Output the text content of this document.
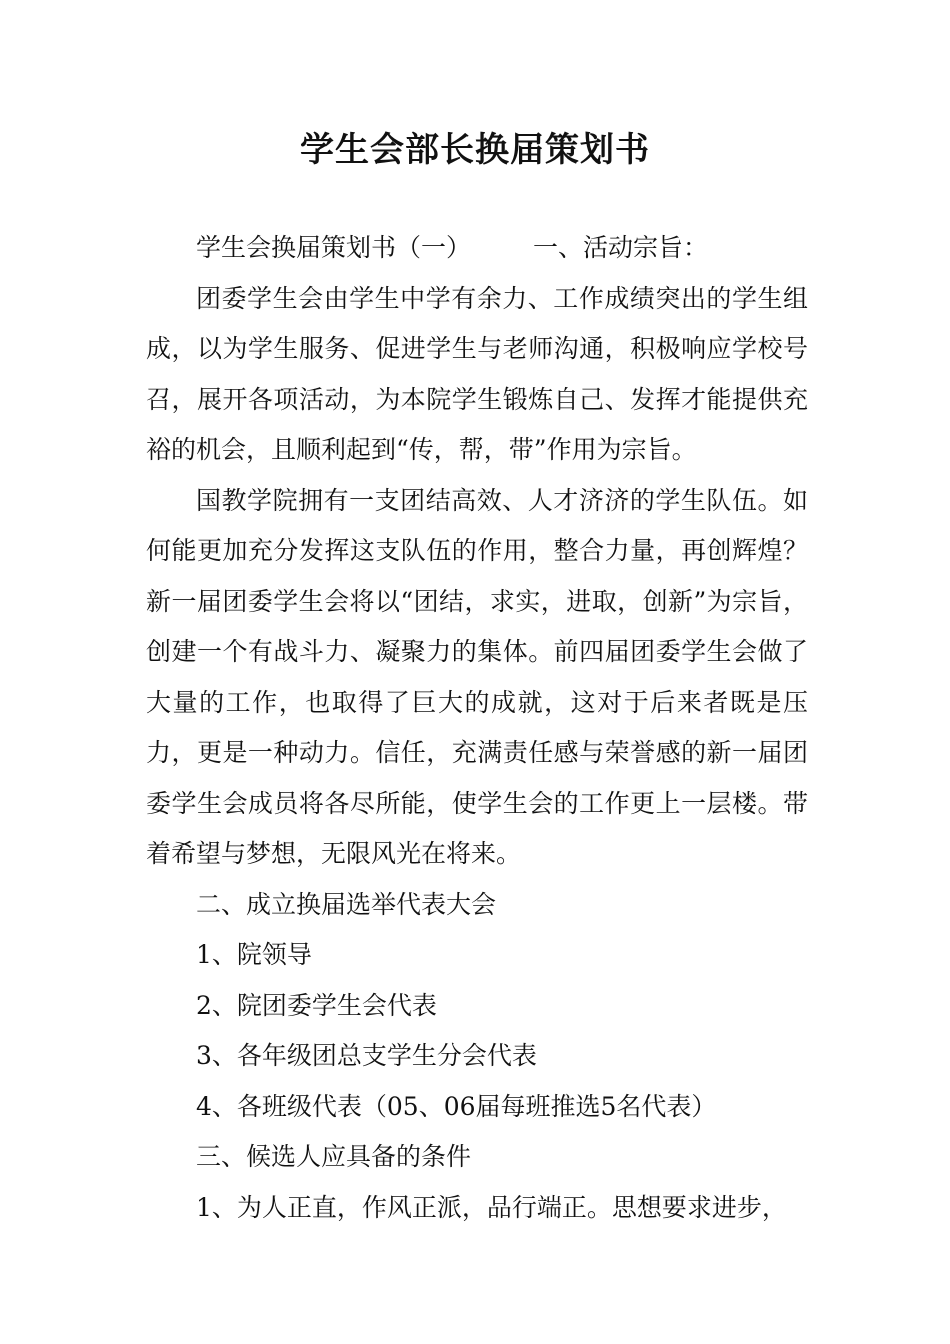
学生会部长换届策划书

学生会换届策划书（一） 一、活动宗旨：

团委学生会由学生中学有余力、工作成绩突出的学生组成，以为学生服务、促进学生与老师沟通，积极响应学校号召，展开各项活动，为本院学生锻炼自己、发挥才能提供充裕的机会，且顺利起到“传，帮，带”作用为宗旨。

国教学院拥有一支团结高效、人才济济的学生队伍。如何能更加充分发挥这支队伍的作用，整合力量，再创辉煌？新一届团委学生会将以“团结，求实，进取，创新”为宗旨，创建一个有战斗力、凝聚力的集体。前四届团委学生会做了大量的工作，也取得了巨大的成就，这对于后来者既是压力，更是一种动力。信任，充满责任感与荣誉感的新一届团委学生会成员将各尽所能，使学生会的工作更上一层楼。带着希望与梦想，无限风光在将来。

二、成立换届选举代表大会

1、院领导

2、院团委学生会代表

3、各年级团总支学生分会代表

4、各班级代表（05、06届每班推选5名代表）

三、候选人应具备的条件

1、为人正直，作风正派，品行端正。思想要求进步，
